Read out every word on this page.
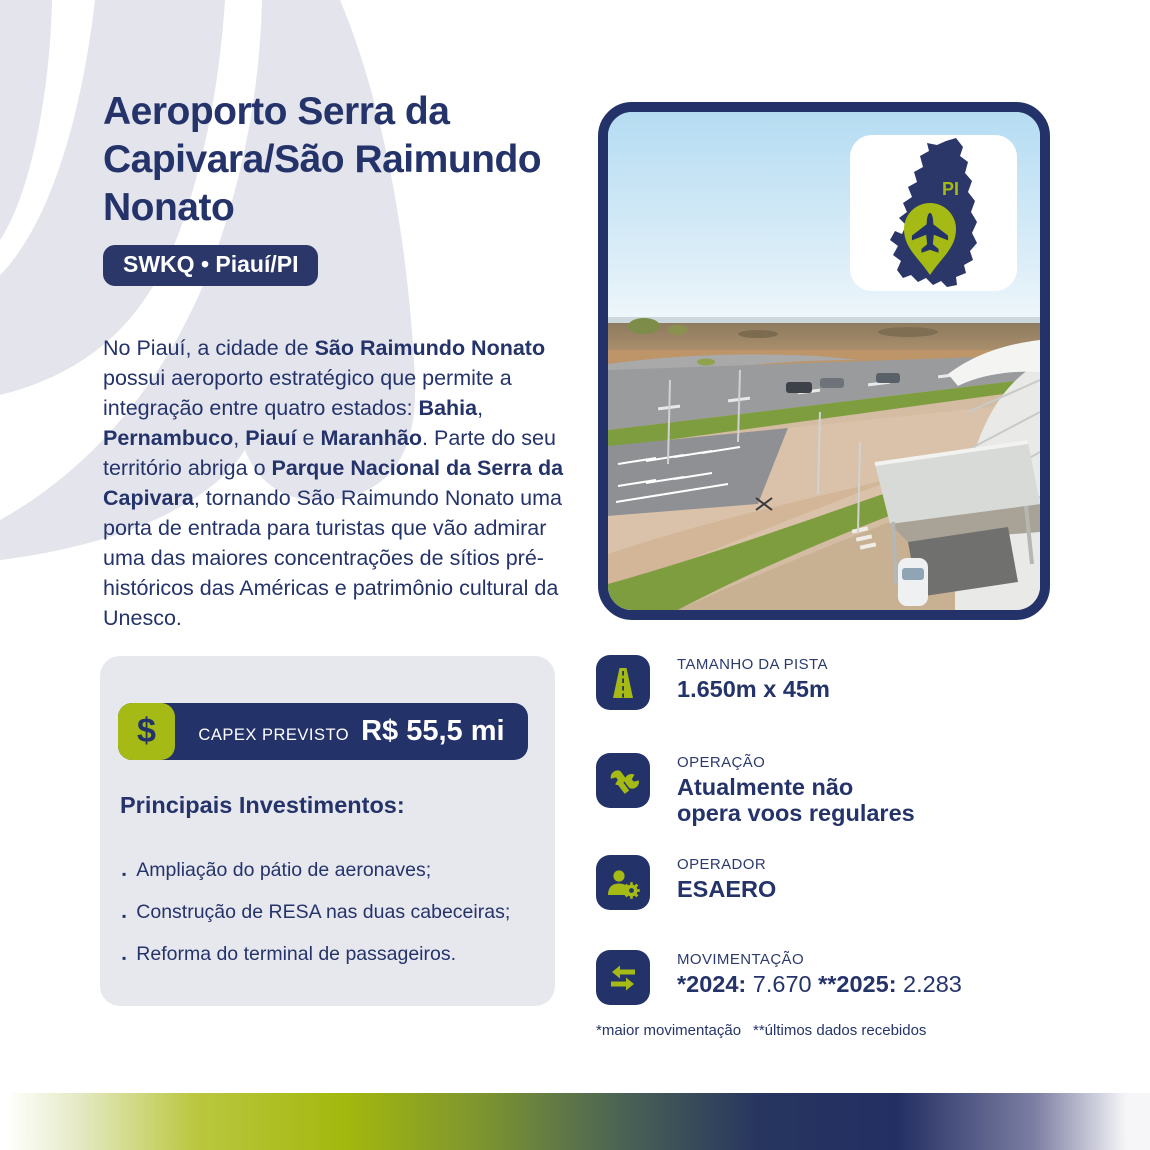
Aeroporto Serra da Capivara/São Raimundo Nonato
SWKQ • Piauí/PI

No Piauí, a cidade de São Raimundo Nonato possui aeroporto estratégico que permite a integração entre quatro estados: Bahia, Pernambuco, Piauí e Maranhão. Parte do seu território abriga o Parque Nacional da Serra da Capivara, tornando São Raimundo Nonato uma porta de entrada para turistas que vão admirar uma das maiores concentrações de sítios pré-históricos das Américas e patrimônio cultural da Unesco.

PI
$	CAPEX PREVISTO R$ 55,5 mi
Principais Investimentos:
▪ Ampliação do pátio de aeronaves;
▪ Construção de RESA nas duas cabeceiras;
▪ Reforma do terminal de passageiros.
TAMANHO DA PISTA
1.650m x 45m
OPERAÇÃO
Atualmente não
opera voos regulares
OPERADOR
ESAERO
MOVIMENTAÇÃO
*2024: 7.670 **2025: 2.283
*maior movimentação **últimos dados recebidos
